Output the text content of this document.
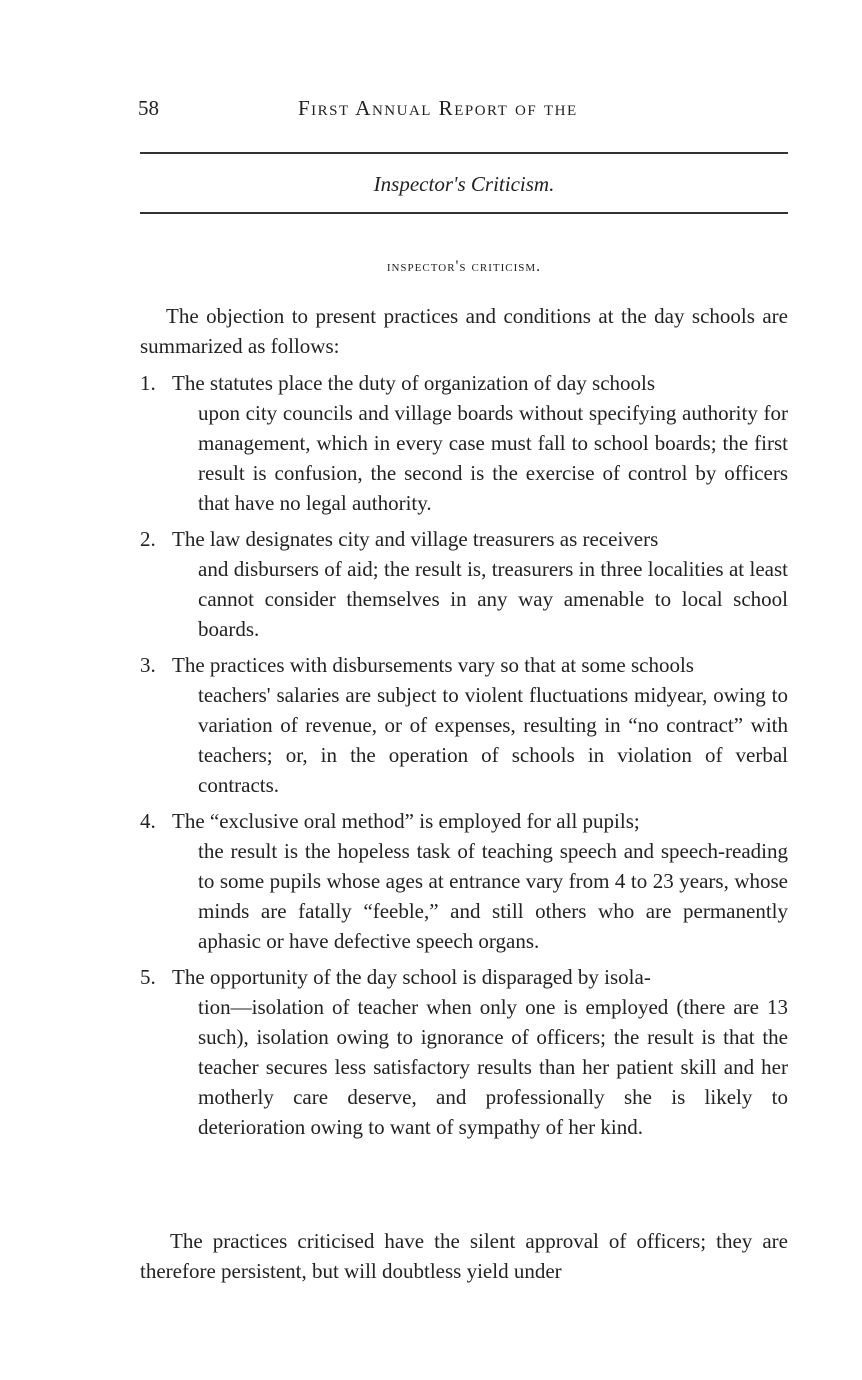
58	First Annual Report of the
Inspector's Criticism.
inspector's criticism.

The objection to present practices and conditions at the day schools are summarized as follows:

1. The statutes place the duty of organization of day schools
upon city councils and village boards without specifying authority for management, which in every case must fall to school boards; the first result is confusion, the second is the exercise of control by officers that have no legal authority.
2. The law designates city and village treasurers as receivers
and disbursers of aid; the result is, treasurers in three localities at least cannot consider themselves in any way amenable to local school boards.
3. The practices with disbursements vary so that at some schools
teachers' salaries are subject to violent fluctuations midyear, owing to variation of revenue, or of expenses, resulting in “no contract” with teachers; or, in the operation of schools in violation of verbal contracts.
4. The “exclusive oral method” is employed for all pupils;
the result is the hopeless task of teaching speech and speech-reading to some pupils whose ages at entrance vary from 4 to 23 years, whose minds are fatally “feeble,” and still others who are permanently aphasic or have defective speech organs.
5. The opportunity of the day school is disparaged by isola-
tion—isolation of teacher when only one is employed (there are 13 such), isolation owing to ignorance of officers; the result is that the teacher secures less satisfactory results than her patient skill and her motherly care deserve, and professionally she is likely to deterioration owing to want of sympathy of her kind.

The practices criticised have the silent approval of officers; they are therefore persistent, but will doubtless yield under
